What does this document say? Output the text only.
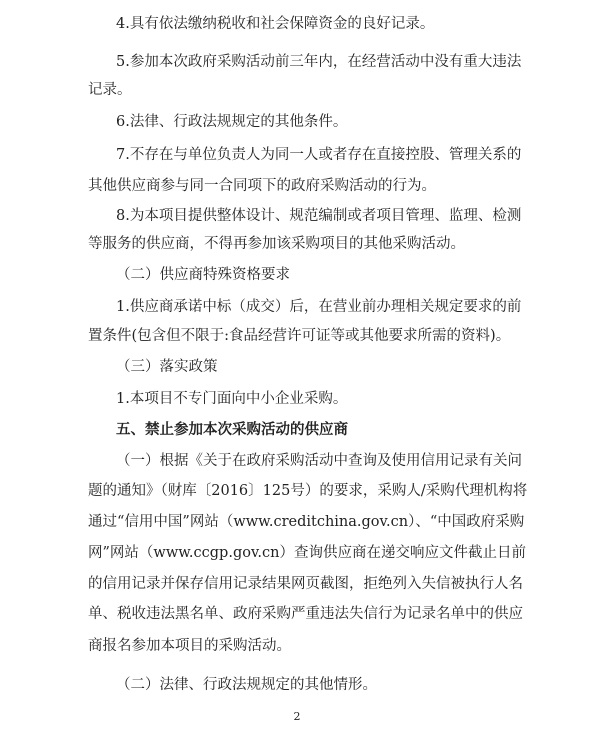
4.具有依法缴纳税收和社会保障资金的良好记录。
5.参加本次政府采购活动前三年内，在经营活动中没有重大违法
记录。
6.法律、行政法规规定的其他条件。
7.不存在与单位负责人为同一人或者存在直接控股、管理关系的
其他供应商参与同一合同项下的政府采购活动的行为。
8.为本项目提供整体设计、规范编制或者项目管理、监理、检测
等服务的供应商，不得再参加该采购项目的其他采购活动。
（二）供应商特殊资格要求
1.供应商承诺中标（成交）后，在营业前办理相关规定要求的前
置条件(包含但不限于:食品经营许可证等或其他要求所需的资料)。
（三）落实政策
1.本项目不专门面向中小企业采购。
五、禁止参加本次采购活动的供应商
（一）根据《关于在政府采购活动中查询及使用信用记录有关问
题的通知》（财库〔2016〕125号）的要求，采购人/采购代理机构将
通过“信用中国”网站（www.creditchina.gov.cn）、“中国政府采购
网”网站（www.ccgp.gov.cn）查询供应商在递交响应文件截止日前
的信用记录并保存信用记录结果网页截图，拒绝列入失信被执行人名
单、税收违法黑名单、政府采购严重违法失信行为记录名单中的供应
商报名参加本项目的采购活动。
（二）法律、行政法规规定的其他情形。
2
